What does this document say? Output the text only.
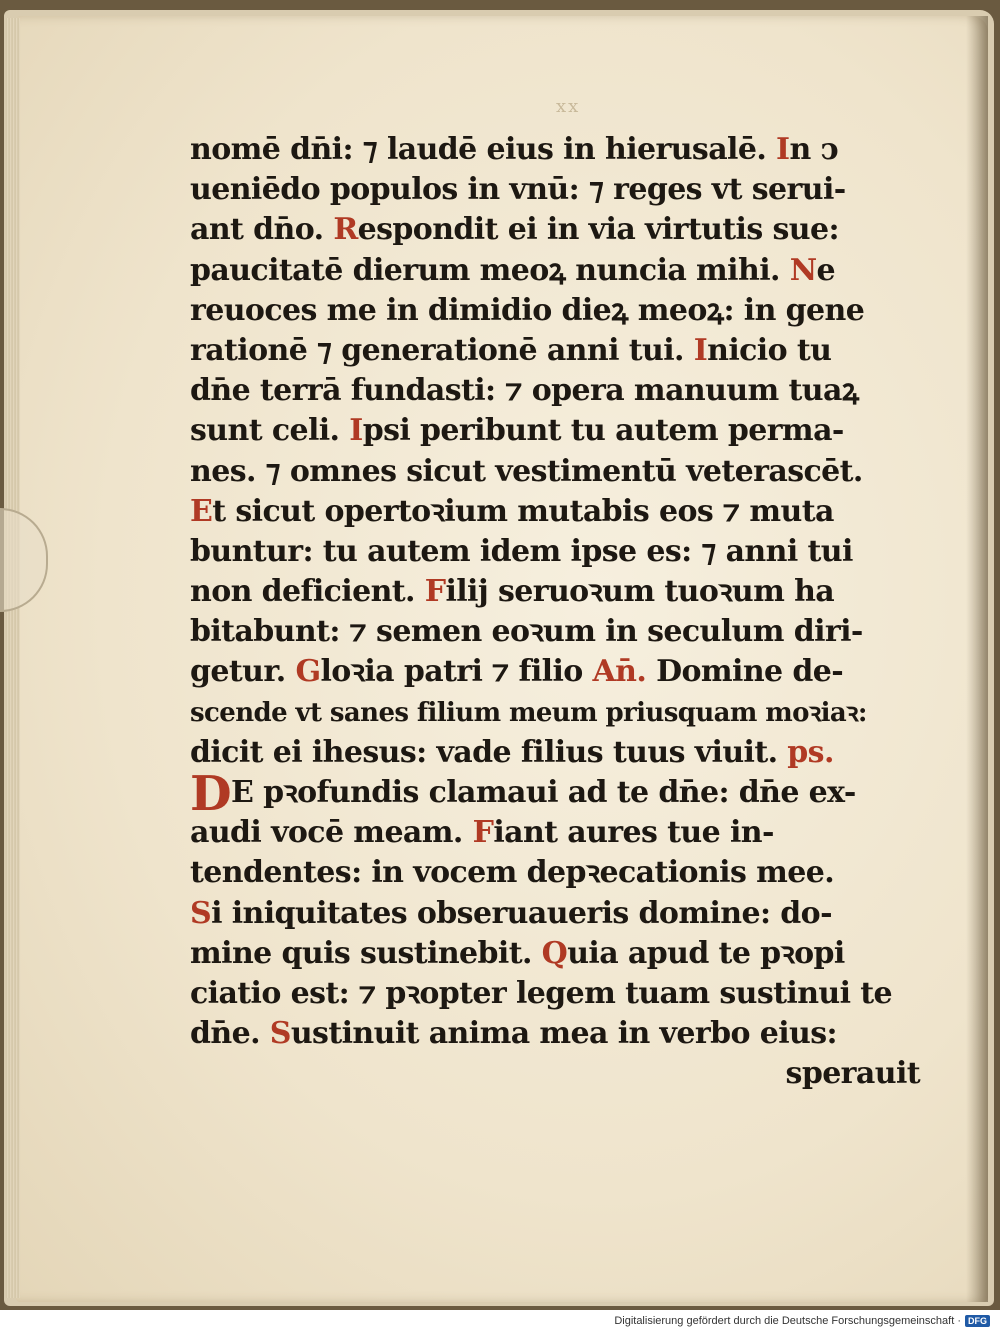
xx
nomē dn̄i: ⁊ laudē eius in hierusalē. In ↄ
ueniēdo populos in vnū: ⁊ reges vt serui-
ant dn̄o. Respondit ei in via virtutis sue:
paucitatē dierum meoꝝ nuncia mihi. Ne
reuoces me in dimidio dieꝝ meoꝝ: in gene
rationē ⁊ generationē anni tui. Inicio tu
dn̄e terrā fundasti: ⁊ opera manuum tuaꝝ
sunt celi. Ipsi peribunt tu autem perma-
nes. ⁊ omnes sicut vestimentū veterascēt.
Et sicut opertoꝛium mutabis eos ⁊ muta
buntur: tu autem idem ipse es: ⁊ anni tui
non deficient. Filij seruoꝛum tuoꝛum ha
bitabunt: ⁊ semen eoꝛum in seculum diri-
getur. Gloꝛia patri ⁊ filio An̄. Domine de-
scende vt sanes filium meum priusquam moꝛiaꝛ:
dicit ei ihesus: vade filius tuus viuit. ps.
DE pꝛofundis clamaui ad te dn̄e: dn̄e ex-
audi vocē meam. Fiant aures tue in-
tendentes: in vocem depꝛecationis mee.
Si iniquitates obseruaueris domine: do-
mine quis sustinebit. Quia apud te pꝛopi
ciatio est: ⁊ pꝛopter legem tuam sustinui te
dn̄e. Sustinuit anima mea in verbo eius:
sperauit
Digitalisierung gefördert durch die Deutsche Forschungsgemeinschaft · DFG
